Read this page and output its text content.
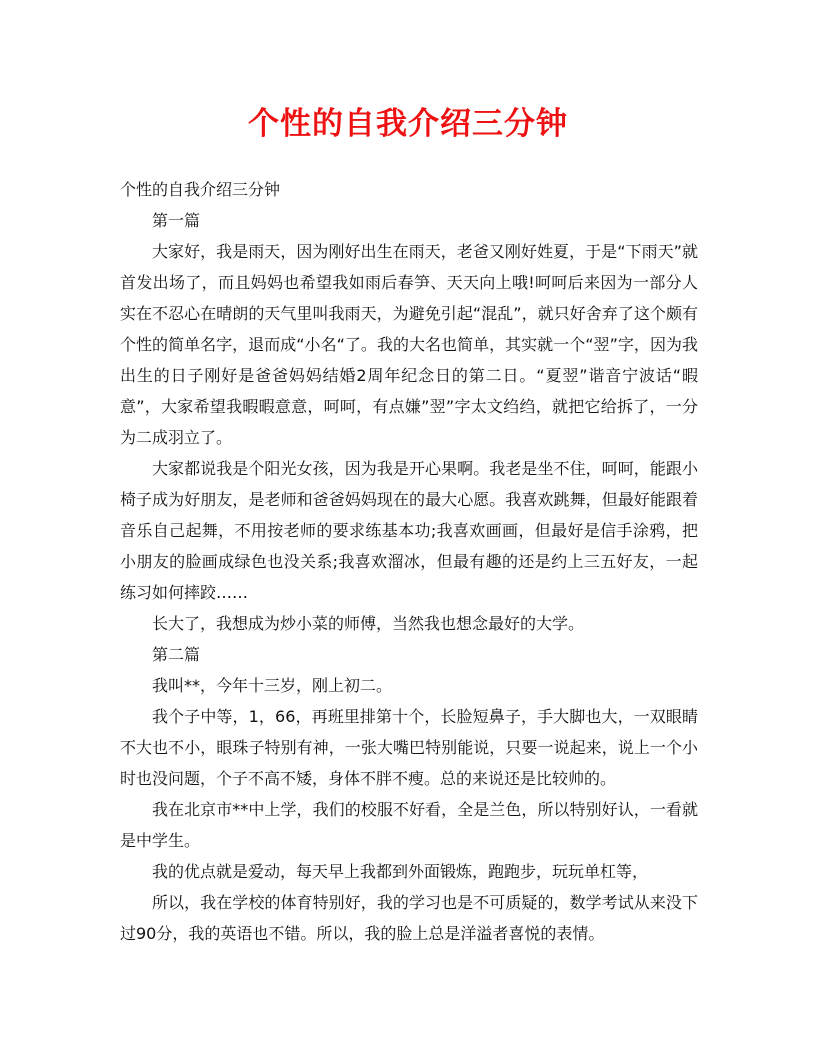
个性的自我介绍三分钟

个性的自我介绍三分钟

第一篇

大家好，我是雨天，因为刚好出生在雨天，老爸又刚好姓夏，于是“下雨天”就首发出场了，而且妈妈也希望我如雨后春笋、天天向上哦!呵呵后来因为一部分人实在不忍心在晴朗的天气里叫我雨天，为避免引起“混乱”，就只好舍弃了这个颇有个性的简单名字，退而成“小名“了。我的大名也简单，其实就一个“翌”字，因为我出生的日子刚好是爸爸妈妈结婚2周年纪念日的第二日。“夏翌”谐音宁波话“暇意”，大家希望我暇暇意意，呵呵，有点嫌”翌”字太文绉绉，就把它给拆了，一分为二成羽立了。

大家都说我是个阳光女孩，因为我是开心果啊。我老是坐不住，呵呵，能跟小椅子成为好朋友，是老师和爸爸妈妈现在的最大心愿。我喜欢跳舞，但最好能跟着音乐自己起舞，不用按老师的要求练基本功;我喜欢画画，但最好是信手涂鸦，把小朋友的脸画成绿色也没关系;我喜欢溜冰，但最有趣的还是约上三五好友，一起练习如何摔跤……

长大了，我想成为炒小菜的师傅，当然我也想念最好的大学。

第二篇

我叫**，今年十三岁，刚上初二。

我个子中等，1，66，再班里排第十个，长脸短鼻子，手大脚也大，一双眼睛不大也不小，眼珠子特别有神，一张大嘴巴特别能说，只要一说起来，说上一个小时也没问题，个子不高不矮，身体不胖不瘦。总的来说还是比较帅的。

我在北京市**中上学，我们的校服不好看，全是兰色，所以特别好认，一看就是中学生。

我的优点就是爱动，每天早上我都到外面锻炼，跑跑步，玩玩单杠等，

所以，我在学校的体育特别好，我的学习也是不可质疑的，数学考试从来没下过90分，我的英语也不错。所以，我的脸上总是洋溢者喜悦的表情。
